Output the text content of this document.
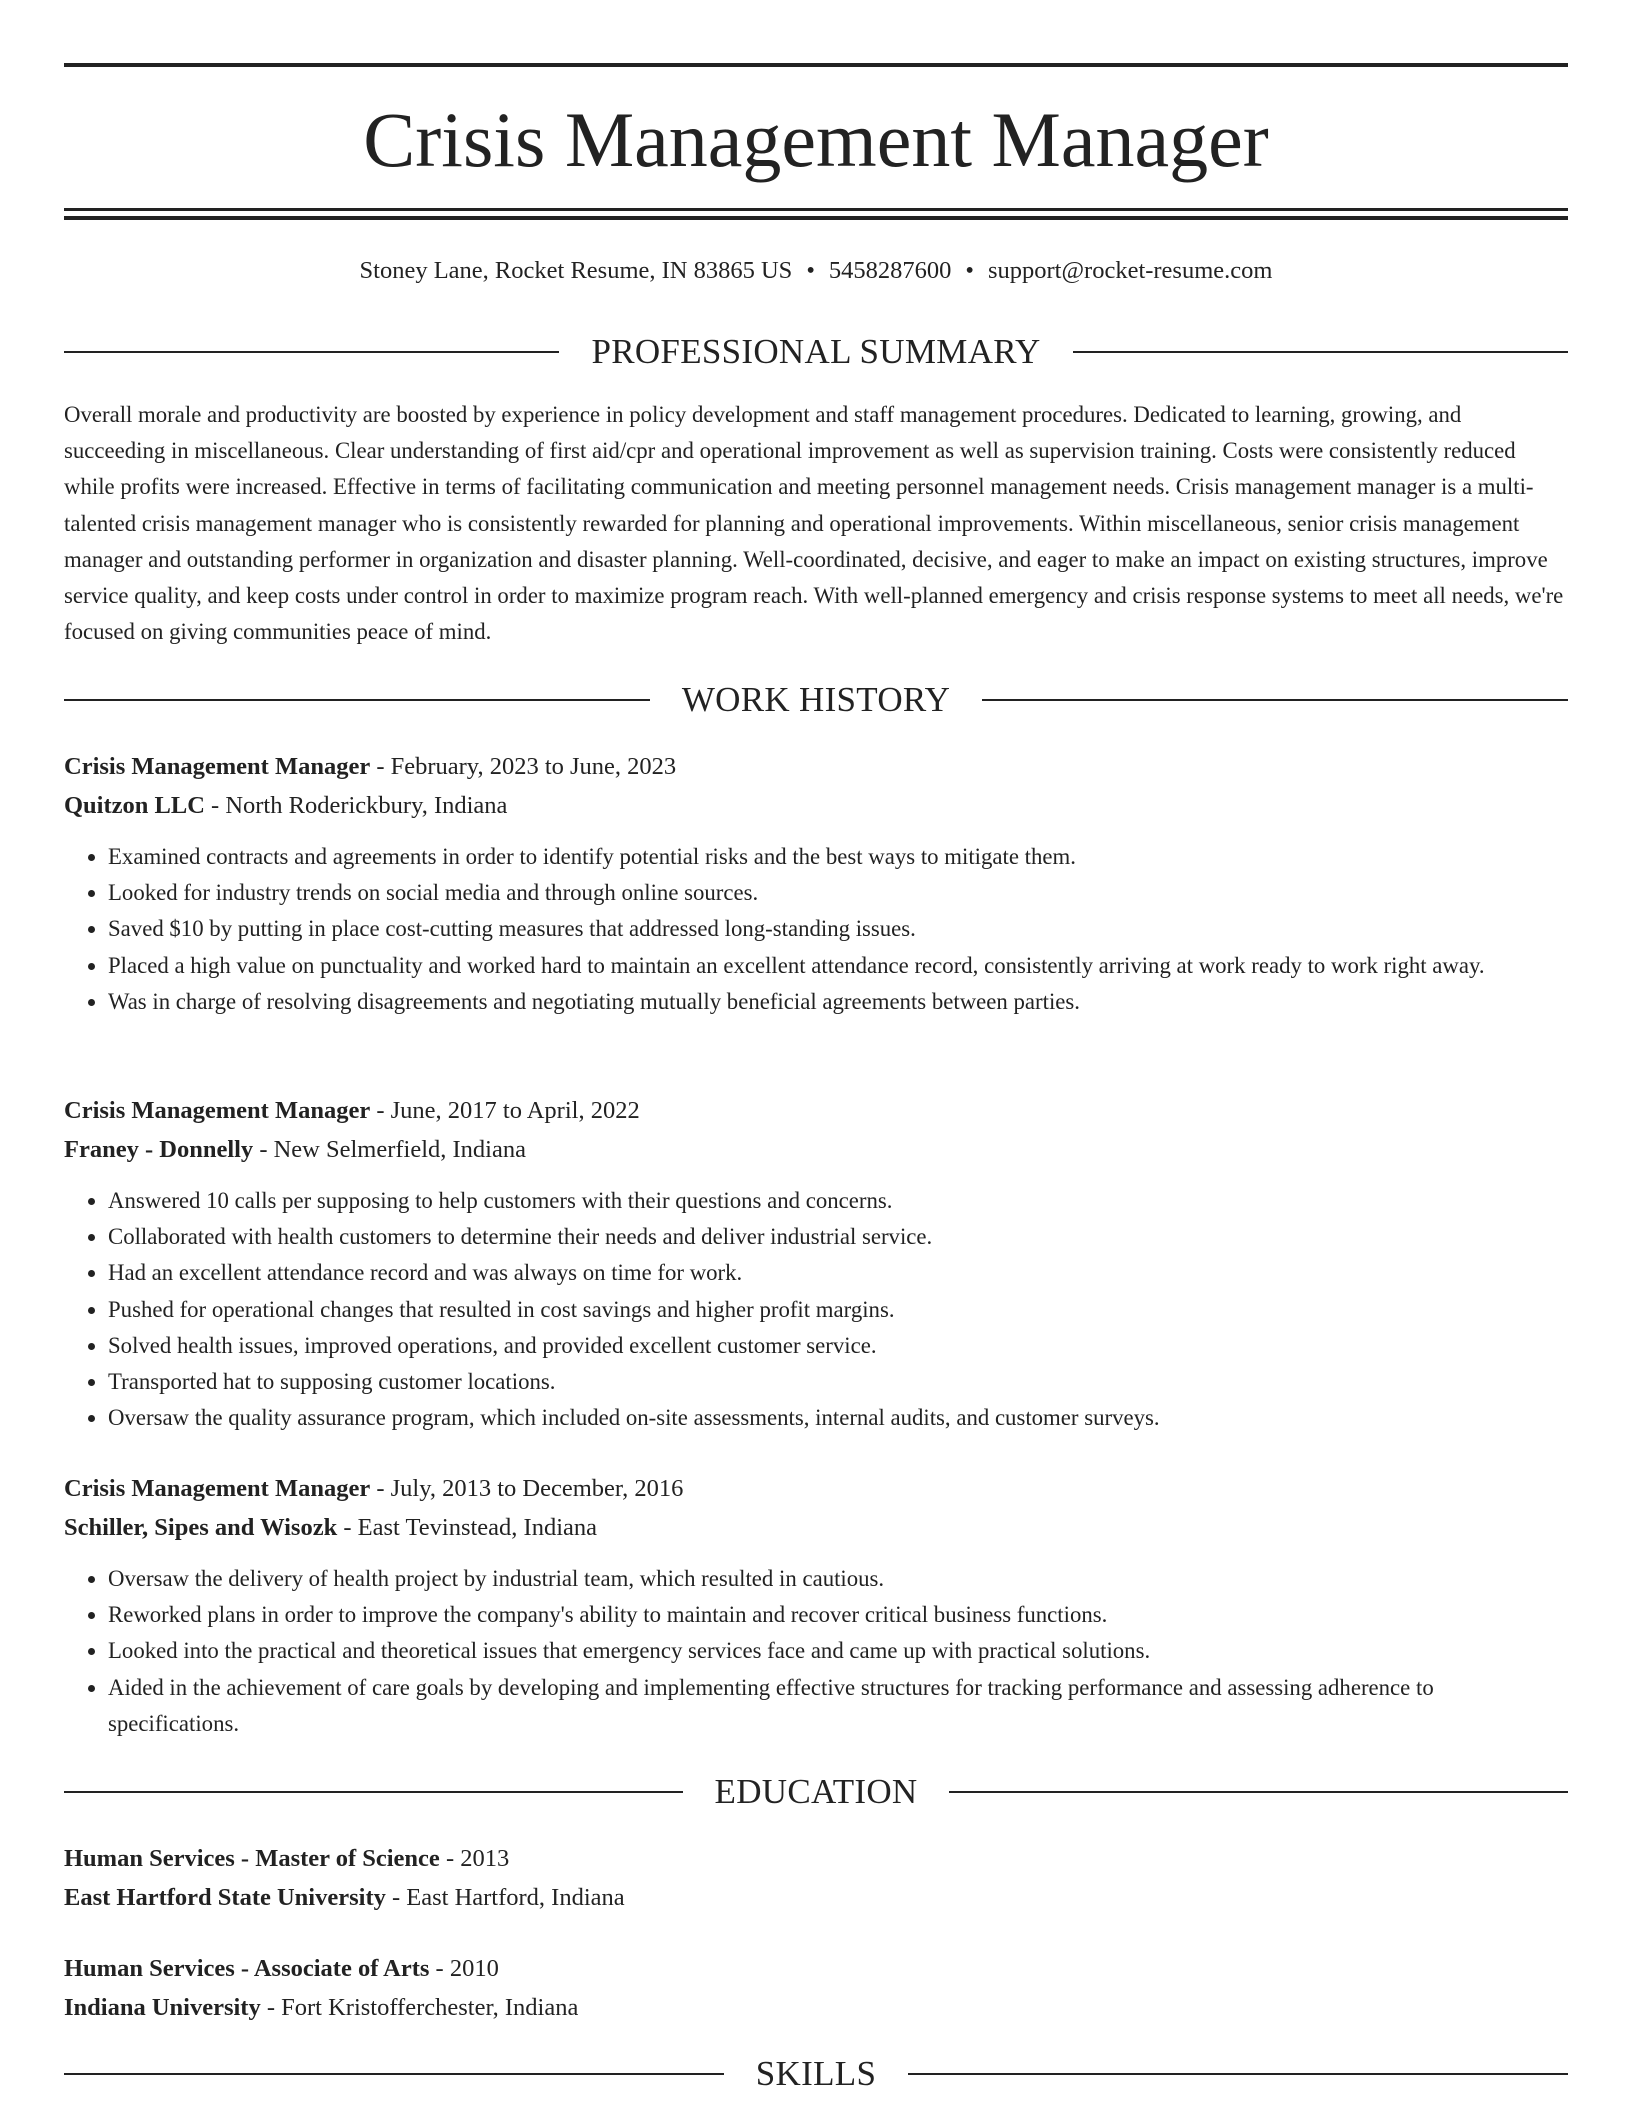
Crisis Management Manager
Stoney Lane, Rocket Resume, IN 83865 US • 5458287600 • support@rocket-resume.com
PROFESSIONAL SUMMARY

Overall morale and productivity are boosted by experience in policy development and staff management procedures. Dedicated to learning, growing, and succeeding in miscellaneous. Clear understanding of first aid/cpr and operational improvement as well as supervision training. Costs were consistently reduced while profits were increased. Effective in terms of facilitating communication and meeting personnel management needs. Crisis management manager is a multi-talented crisis management manager who is consistently rewarded for planning and operational improvements. Within miscellaneous, senior crisis management manager and outstanding performer in organization and disaster planning. Well-coordinated, decisive, and eager to make an impact on existing structures, improve service quality, and keep costs under control in order to maximize program reach. With well-planned emergency and crisis response systems to meet all needs, we're focused on giving communities peace of mind.

WORK HISTORY
Crisis Management Manager - February, 2023 to June, 2023
Quitzon LLC - North Roderickbury, Indiana
• Examined contracts and agreements in order to identify potential risks and the best ways to mitigate them.
• Looked for industry trends on social media and through online sources.
• Saved $10 by putting in place cost-cutting measures that addressed long-standing issues.
• Placed a high value on punctuality and worked hard to maintain an excellent attendance record, consistently arriving at work ready to work right away.
• Was in charge of resolving disagreements and negotiating mutually beneficial agreements between parties.
Crisis Management Manager - June, 2017 to April, 2022
Franey - Donnelly - New Selmerfield, Indiana
• Answered 10 calls per supposing to help customers with their questions and concerns.
• Collaborated with health customers to determine their needs and deliver industrial service.
• Had an excellent attendance record and was always on time for work.
• Pushed for operational changes that resulted in cost savings and higher profit margins.
• Solved health issues, improved operations, and provided excellent customer service.
• Transported hat to supposing customer locations.
• Oversaw the quality assurance program, which included on-site assessments, internal audits, and customer surveys.
Crisis Management Manager - July, 2013 to December, 2016
Schiller, Sipes and Wisozk - East Tevinstead, Indiana
• Oversaw the delivery of health project by industrial team, which resulted in cautious.
• Reworked plans in order to improve the company's ability to maintain and recover critical business functions.
• Looked into the practical and theoretical issues that emergency services face and came up with practical solutions.
• Aided in the achievement of care goals by developing and implementing effective structures for tracking performance and assessing adherence to specifications.
EDUCATION
Human Services - Master of Science - 2013
East Hartford State University - East Hartford, Indiana
Human Services - Associate of Arts - 2010
Indiana University - Fort Kristofferchester, Indiana
SKILLS
